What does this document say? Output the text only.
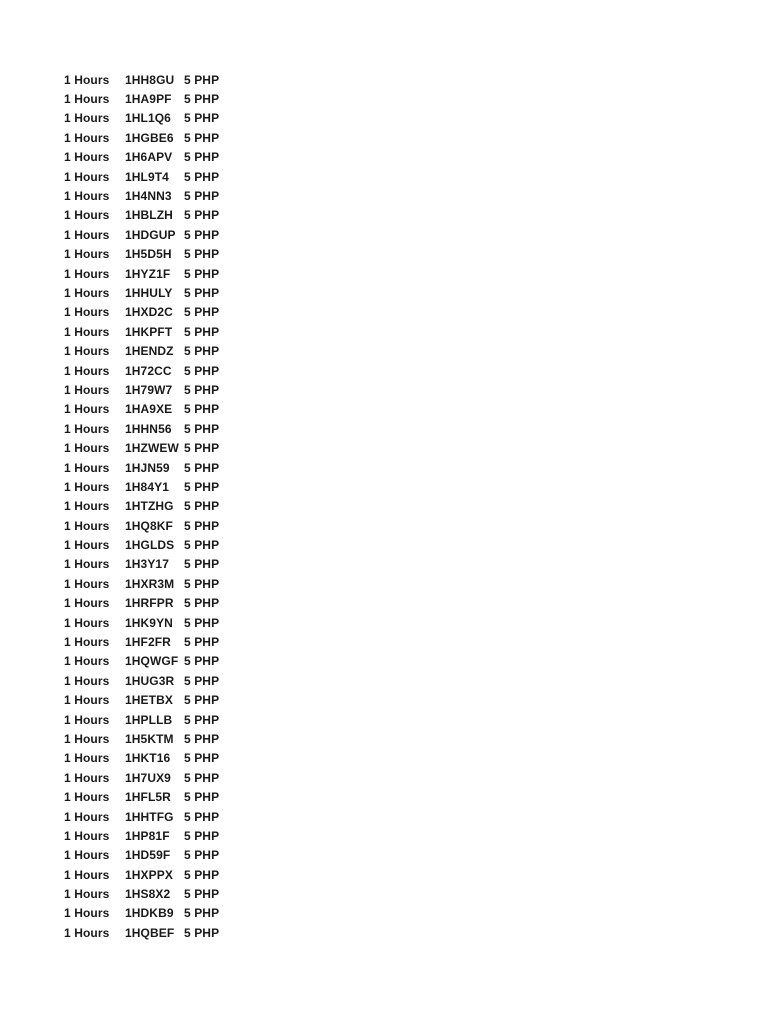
1 Hours	1HH8GU 5 PHP
1 Hours	1HA9PF	5 PHP
1 Hours	1HL1Q6	5 PHP
1 Hours	1HGBE6 5 PHP
1 Hours	1H6APV 5 PHP
1 Hours	1HL9T4	5 PHP
1 Hours	1H4NN3	5 PHP
1 Hours	1HBLZH 5 PHP
1 Hours	1HDGUP 5 PHP
1 Hours	1H5D5H	5 PHP
1 Hours	1HYZ1F	5 PHP
1 Hours	1HHULY 5 PHP
1 Hours	1HXD2C 5 PHP
1 Hours	1HKPFT 5 PHP
1 Hours	1HENDZ 5 PHP
1 Hours	1H72CC	5 PHP
1 Hours	1H79W7 5 PHP
1 Hours	1HA9XE 5 PHP
1 Hours	1HHN56	5 PHP
1 Hours	1HZWEW 5 PHP
1 Hours	1HJN59	5 PHP
1 Hours	1H84Y1	5 PHP
1 Hours	1HTZHG 5 PHP
1 Hours	1HQ8KF 5 PHP
1 Hours	1HGLDS 5 PHP
1 Hours	1H3Y17	5 PHP
1 Hours	1HXR3M 5 PHP
1 Hours	1HRFPR 5 PHP
1 Hours	1HK9YN 5 PHP
1 Hours	1HF2FR	5 PHP
1 Hours	1HQWGF 5 PHP
1 Hours	1HUG3R 5 PHP
1 Hours	1HETBX 5 PHP
1 Hours	1HPLLB 5 PHP
1 Hours	1H5KTM 5 PHP
1 Hours	1HKT16	5 PHP
1 Hours	1H7UX9	5 PHP
1 Hours	1HFL5R	5 PHP
1 Hours	1HHTFG 5 PHP
1 Hours	1HP81F	5 PHP
1 Hours	1HD59F	5 PHP
1 Hours	1HXPPX 5 PHP
1 Hours	1HS8X2	5 PHP
1 Hours	1HDKB9 5 PHP
1 Hours	1HQBEF 5 PHP
